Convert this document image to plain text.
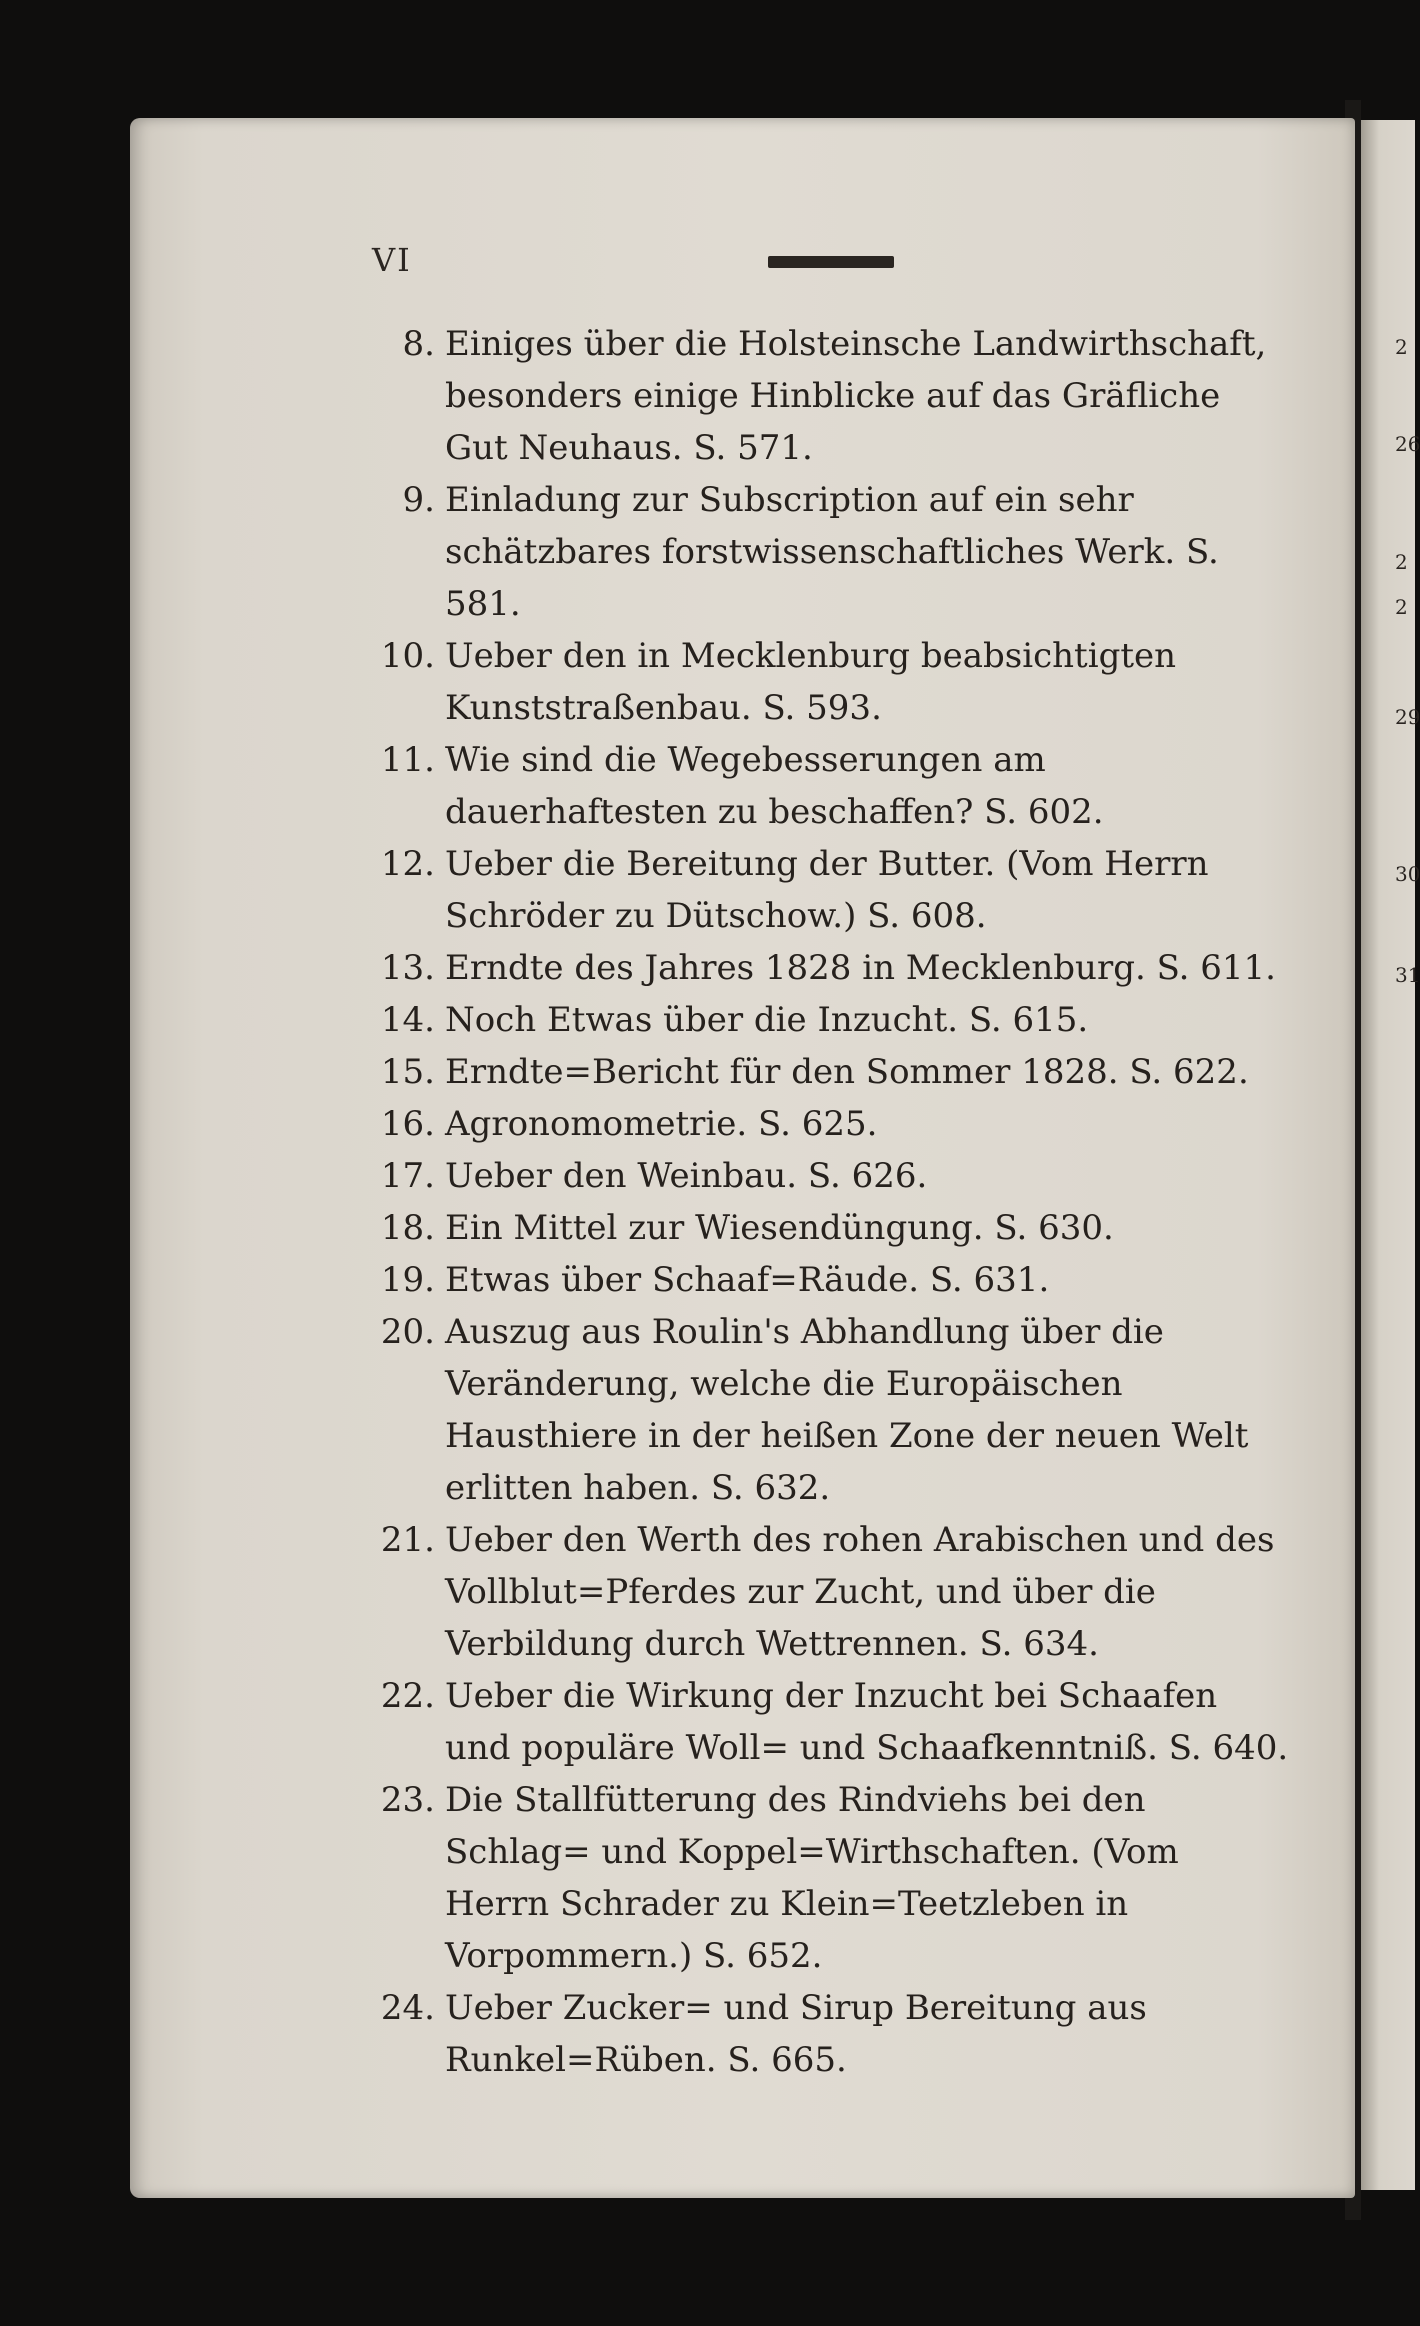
VI
8. Einiges über die Holsteinsche Landwirthschaft, besonders einige Hinblicke auf das Gräfliche Gut Neuhaus. S. 571.
9. Einladung zur Subscription auf ein sehr schätzbares forstwissenschaftliches Werk. S. 581.
10. Ueber den in Mecklenburg beabsichtigten Kunststraßenbau. S. 593.
11. Wie sind die Wegebesserungen am dauerhaftesten zu beschaffen? S. 602.
12. Ueber die Bereitung der Butter. (Vom Herrn Schröder zu Dütschow.) S. 608.
13. Erndte des Jahres 1828 in Mecklenburg. S. 611.
14. Noch Etwas über die Inzucht. S. 615.
15. Erndte=Bericht für den Sommer 1828. S. 622.
16. Agronomometrie. S. 625.
17. Ueber den Weinbau. S. 626.
18. Ein Mittel zur Wiesendüngung. S. 630.
19. Etwas über Schaaf=Räude. S. 631.
20. Auszug aus Roulin's Abhandlung über die Veränderung, welche die Europäischen Hausthiere in der heißen Zone der neuen Welt erlitten haben. S. 632.
21. Ueber den Werth des rohen Arabischen und des Vollblut=Pferdes zur Zucht, und über die Verbildung durch Wettrennen. S. 634.
22. Ueber die Wirkung der Inzucht bei Schaafen und populäre Woll= und Schaafkenntniß. S. 640.
23. Die Stallfütterung des Rindviehs bei den Schlag= und Koppel=Wirthschaften. (Vom Herrn Schrader zu Klein=Teetzleben in Vorpommern.) S. 652.
24. Ueber Zucker= und Sirup Bereitung aus Runkel=Rüben. S. 665.
2
26
2
2
29
30
31
